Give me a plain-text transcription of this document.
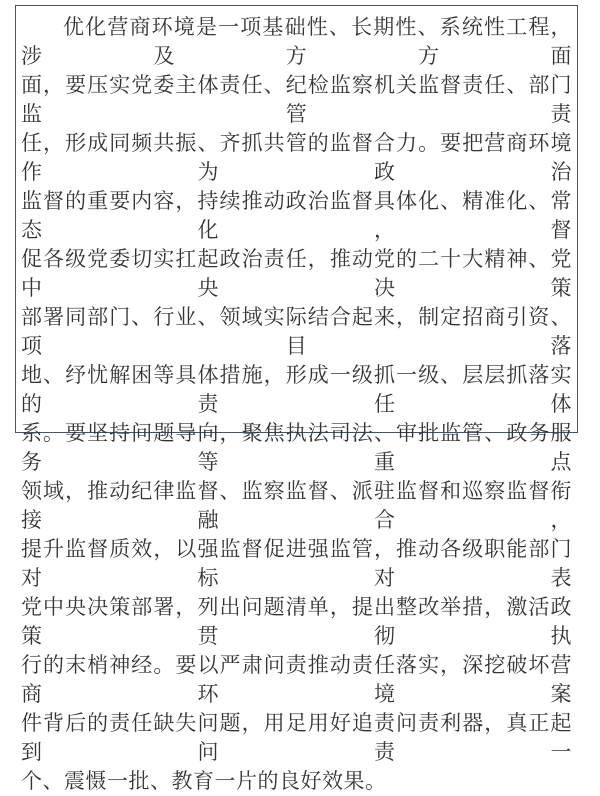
优化营商环境是一项基础性、长期性、系统性工程，涉及方方面

面，要压实党委主体责任、纪检监察机关监督责任、部门监管责

任，形成同频共振、齐抓共管的监督合力。要把营商环境作为政治

监督的重要内容，持续推动政治监督具体化、精准化、常态化，督

促各级党委切实扛起政治责任，推动党的二十大精神、党中央决策

部署同部门、行业、领域实际结合起来，制定招商引资、项目落

地、纾忧解困等具体措施，形成一级抓一级、层层抓落实的责任体

系。要坚持问题导向，聚焦执法司法、审批监管、政务服务等重点

领域，推动纪律监督、监察监督、派驻监督和巡察监督衔接融合，

提升监督质效，以强监督促进强监管，推动各级职能部门对标对表

党中央决策部署，列出问题清单，提出整改举措，激活政策贯彻执

行的末梢神经。要以严肃问责推动责任落实，深挖破坏营商环境案

件背后的责任缺失问题，用足用好追责问责利器，真正起到问责一

个、震慑一批、教育一片的良好效果。
